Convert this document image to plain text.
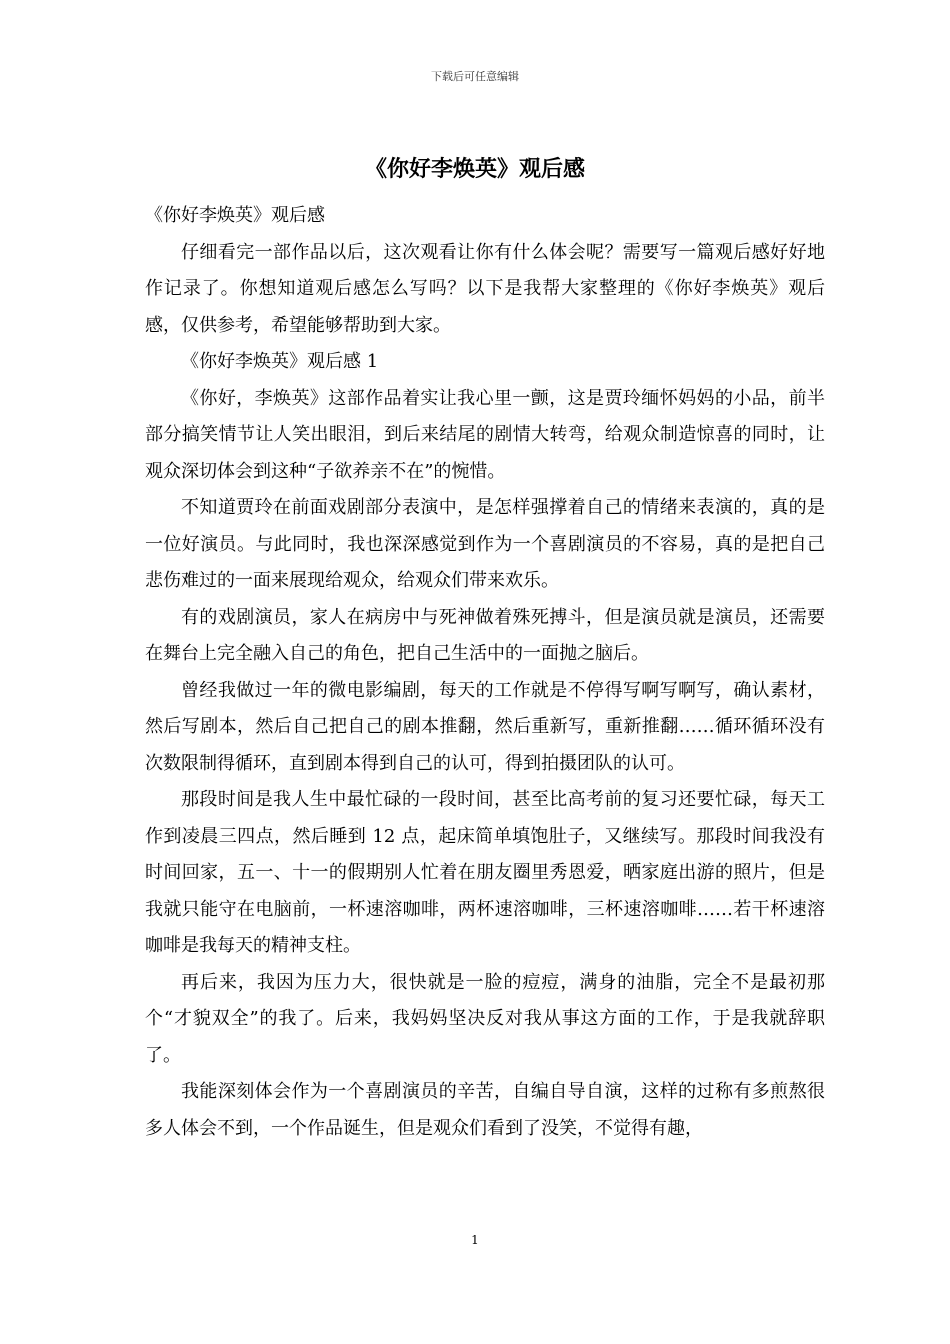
下载后可任意编辑
《你好李焕英》观后感

《你好李焕英》观后感

仔细看完一部作品以后，这次观看让你有什么体会呢？需要写一篇观后感好好地作记录了。你想知道观后感怎么写吗？以下是我帮大家整理的《你好李焕英》观后感，仅供参考，希望能够帮助到大家。

《你好李焕英》观后感 1

《你好，李焕英》这部作品着实让我心里一颤，这是贾玲缅怀妈妈的小品，前半部分搞笑情节让人笑出眼泪，到后来结尾的剧情大转弯，给观众制造惊喜的同时，让观众深切体会到这种“子欲养亲不在”的惋惜。

不知道贾玲在前面戏剧部分表演中，是怎样强撑着自己的情绪来表演的，真的是一位好演员。与此同时，我也深深感觉到作为一个喜剧演员的不容易，真的是把自己悲伤难过的一面来展现给观众，给观众们带来欢乐。

有的戏剧演员，家人在病房中与死神做着殊死搏斗，但是演员就是演员，还需要在舞台上完全融入自己的角色，把自己生活中的一面抛之脑后。

曾经我做过一年的微电影编剧，每天的工作就是不停得写啊写啊写，确认素材，然后写剧本，然后自己把自己的剧本推翻，然后重新写，重新推翻……循环循环没有次数限制得循环，直到剧本得到自己的认可，得到拍摄团队的认可。

那段时间是我人生中最忙碌的一段时间，甚至比高考前的复习还要忙碌，每天工作到凌晨三四点，然后睡到 12 点，起床简单填饱肚子，又继续写。那段时间我没有时间回家，五一、十一的假期别人忙着在朋友圈里秀恩爱，晒家庭出游的照片，但是我就只能守在电脑前，一杯速溶咖啡，两杯速溶咖啡，三杯速溶咖啡……若干杯速溶咖啡是我每天的精神支柱。

再后来，我因为压力大，很快就是一脸的痘痘，满身的油脂，完全不是最初那个“才貌双全”的我了。后来，我妈妈坚决反对我从事这方面的工作，于是我就辞职了。

我能深刻体会作为一个喜剧演员的辛苦，自编自导自演，这样的过称有多煎熬很多人体会不到，一个作品诞生，但是观众们看到了没笑，不觉得有趣，

1
